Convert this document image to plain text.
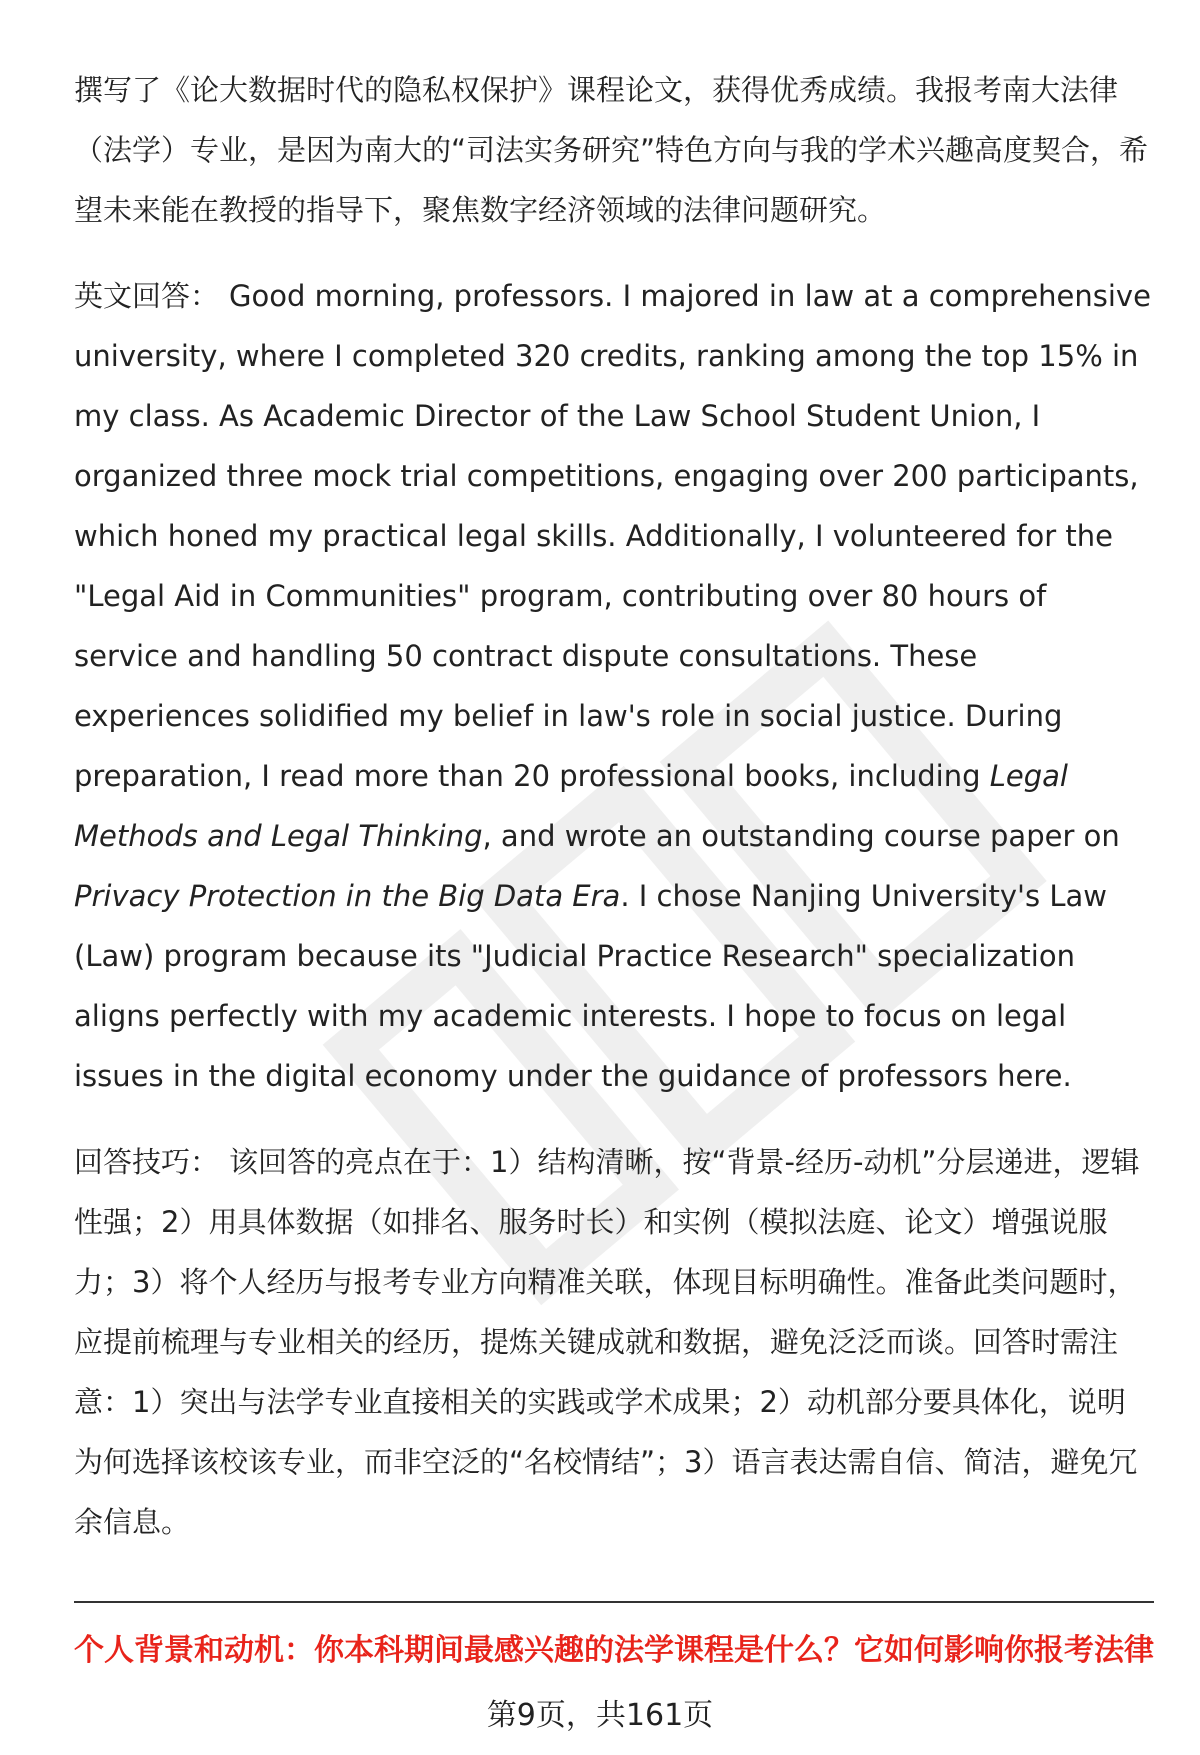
撰写了《论大数据时代的隐私权保护》课程论文，获得优秀成绩。我报考南大法律（法学）专业，是因为南大的“司法实务研究”特色方向与我的学术兴趣高度契合，希望未来能在教授的指导下，聚焦数字经济领域的法律问题研究。

英文回答： Good morning, professors. I majored in law at a comprehensive university, where I completed 320 credits, ranking among the top 15% in my class. As Academic Director of the Law School Student Union, I organized three mock trial competitions, engaging over 200 participants, which honed my practical legal skills. Additionally, I volunteered for the "Legal Aid in Communities" program, contributing over 80 hours of service and handling 50 contract dispute consultations. These experiences solidified my belief in law's role in social justice. During preparation, I read more than 20 professional books, including Legal Methods and Legal Thinking, and wrote an outstanding course paper on Privacy Protection in the Big Data Era. I chose Nanjing University's Law (Law) program because its "Judicial Practice Research" specialization aligns perfectly with my academic interests. I hope to focus on legal issues in the digital economy under the guidance of professors here.

回答技巧： 该回答的亮点在于：1）结构清晰，按“背景-经历-动机”分层递进，逻辑性强；2）用具体数据（如排名、服务时长）和实例（模拟法庭、论文）增强说服力；3）将个人经历与报考专业方向精准关联，体现目标明确性。准备此类问题时，应提前梳理与专业相关的经历，提炼关键成就和数据，避免泛泛而谈。回答时需注意：1）突出与法学专业直接相关的实践或学术成果；2）动机部分要具体化，说明为何选择该校该专业，而非空泛的“名校情结”；3）语言表达需自信、简洁，避免冗余信息。

个人背景和动机：你本科期间最感兴趣的法学课程是什么？它如何影响你报考法律
第9页，共161页
